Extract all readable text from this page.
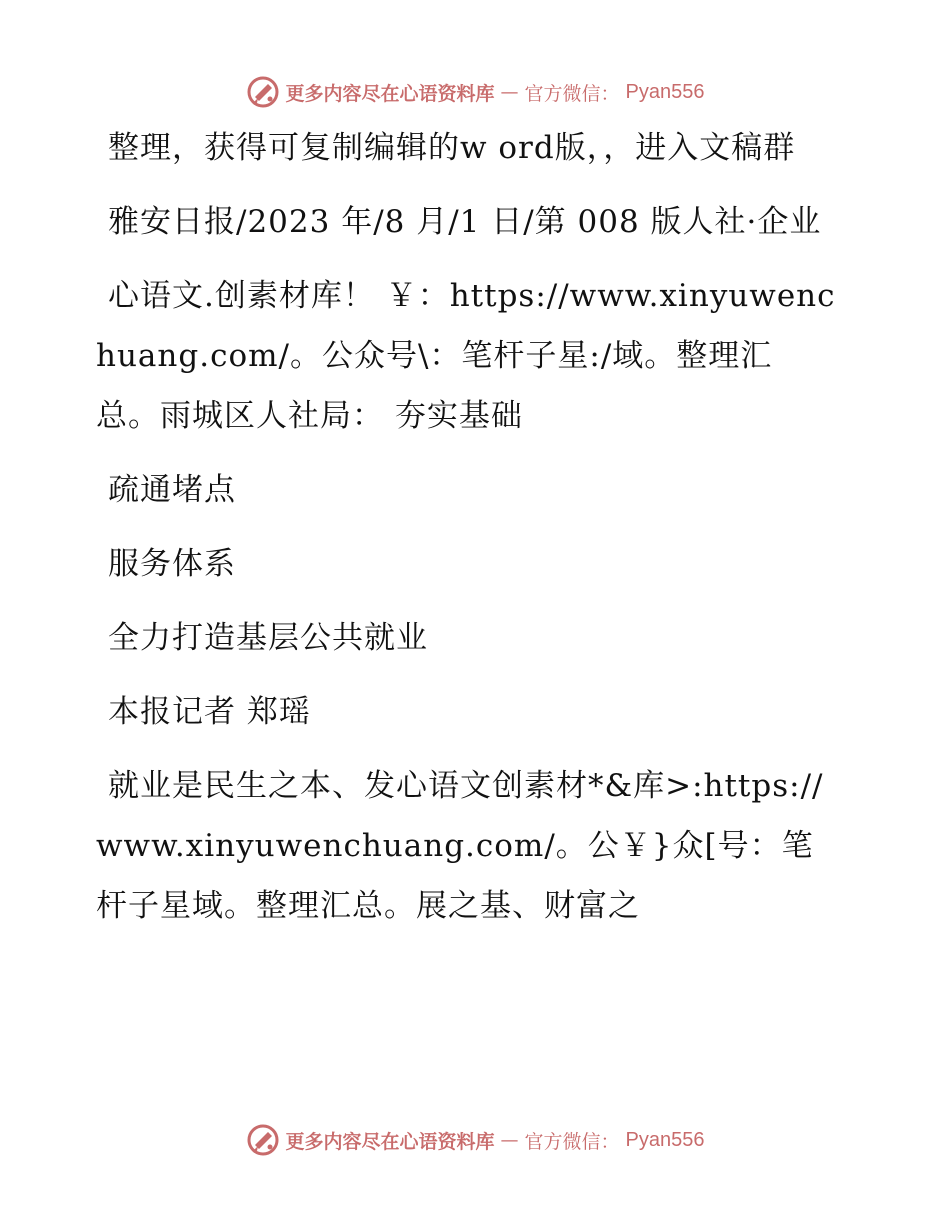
更多内容尽在心语资料库 — 官方微信： Pyan556

整理，获得可复制编辑的w ord版，，进入文稿群

雅安日报/2023 年/8 月/1 日/第 008 版人社·企业

心语文.创素材库！ ￥：https://www.xinyuwenchuang.com/。公众号\：笔杆子星:/域。整理汇总。雨城区人社局： 夯实基础

疏通堵点

服务体系

全力打造基层公共就业

本报记者 郑瑶

就业是民生之本、发心语文创素材*&库>:https://www.xinyuwenchuang.com/。公￥}众[号：笔杆子星域。整理汇总。展之基、财富之

更多内容尽在心语资料库 — 官方微信： Pyan556
